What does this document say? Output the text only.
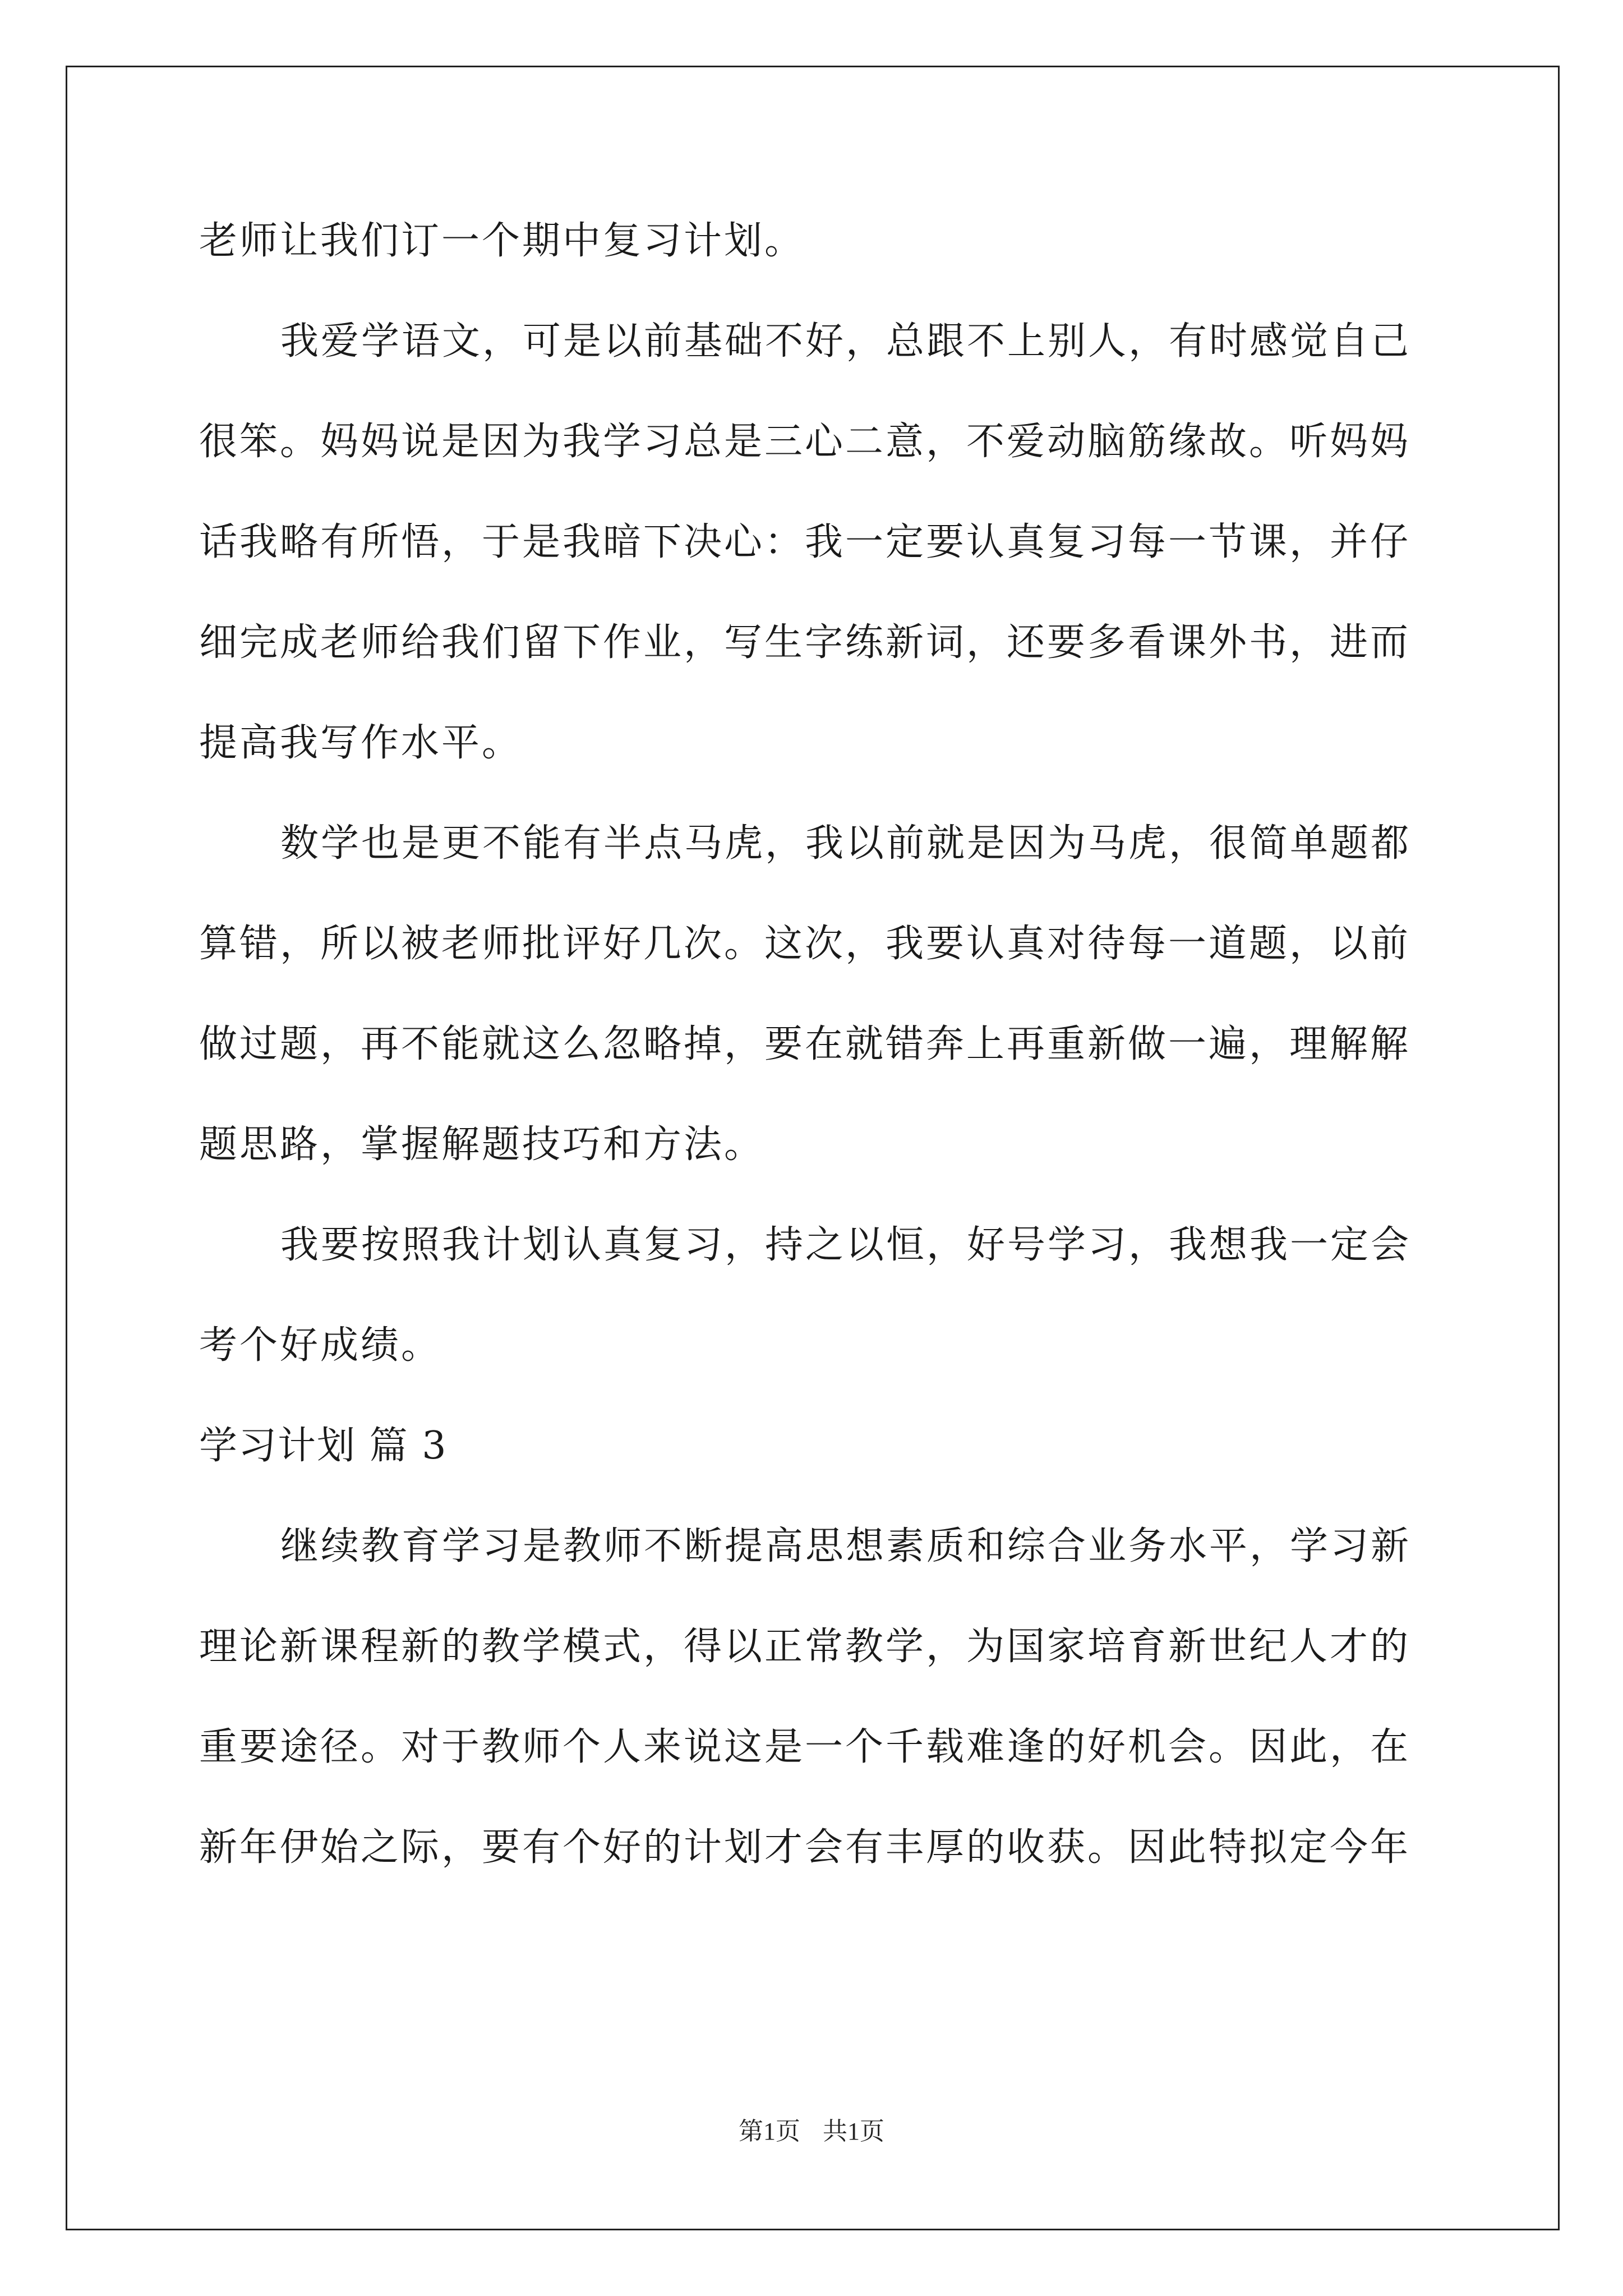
老师让我们订一个期中复习计划。
我爱学语文，可是以前基础不好，总跟不上别人，有时感觉自己
很笨。妈妈说是因为我学习总是三心二意，不爱动脑筋缘故。听妈妈
话我略有所悟，于是我暗下决心：我一定要认真复习每一节课，并仔
细完成老师给我们留下作业，写生字练新词，还要多看课外书，进而
提高我写作水平。
数学也是更不能有半点马虎，我以前就是因为马虎，很简单题都
算错，所以被老师批评好几次。这次，我要认真对待每一道题，以前
做过题，再不能就这么忽略掉，要在就错奔上再重新做一遍，理解解
题思路，掌握解题技巧和方法。
我要按照我计划认真复习，持之以恒，好号学习，我想我一定会
考个好成绩。
学习计划 篇 3
继续教育学习是教师不断提高思想素质和综合业务水平，学习新
理论新课程新的教学模式，得以正常教学，为国家培育新世纪人才的
重要途径。对于教师个人来说这是一个千载难逢的好机会。因此，在
新年伊始之际，要有个好的计划才会有丰厚的收获。因此特拟定今年
第1页 共1页
